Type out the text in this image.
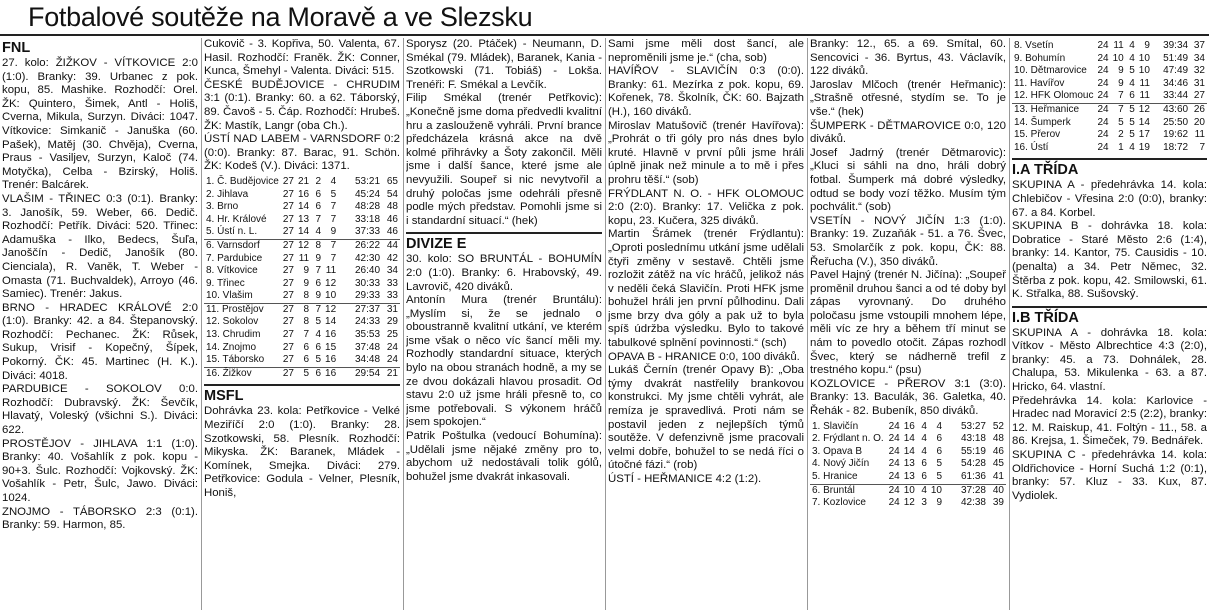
Fotbalové soutěže na Moravě a ve Slezsku
FNL

27. kolo: ŽIŽKOV - VÍTKOVICE 2:0 (1:0). Branky: 39. Urbanec z pok. kopu, 85. Mashike. Rozhodčí: Orel. ŽK: Quintero, Šimek, Antl - Holiš, Cverna, Mikula, Surzyn. Diváci: 1047. Vítkovice: Simkanič - Januška (60. Pašek), Matěj (30. Chvěja), Cverna, Praus - Vasiljev, Surzyn, Kaloč (74. Motyčka), Celba - Bzirský, Holiš. Trenér: Balcárek.

VLAŠIM - TŘINEC 0:3 (0:1). Branky: 3. Janošík, 59. Weber, 66. Dedič. Rozhodčí: Petřík. Diváci: 520. Třinec: Adamuška - Ilko, Bedecs, Šuľa, Janoščín - Dedič, Janošík (80. Cienciala), R. Vaněk, T. Weber - Omasta (71. Buchvaldek), Arroyo (46. Samiec). Trenér: Jakus.

BRNO - HRADEC KRÁLOVÉ 2:0 (1:0). Branky: 42. a 84. Štepanovský. Rozhodčí: Pechanec. ŽK: Růsek, Sukup, Vrisif - Kopečný, Šípek, Pokorný. ČK: 45. Martinec (H. K.). Diváci: 4018.

PARDUBICE - SOKOLOV 0:0. Rozhodčí: Dubravský. ŽK: Ševčík, Hlavatý, Voleský (všichni S.). Diváci: 622.

PROSTĚJOV - JIHLAVA 1:1 (1:0). Branky: 40. Vošahlík z pok. kopu - 90+3. Šulc. Rozhodčí: Vojkovský. ŽK: Vošahlík - Petr, Šulc, Jawo. Diváci: 1024.

ZNOJMO - TÁBORSKO 2:3 (0:1). Branky: 59. Harmon, 85.

Cukovič - 3. Kopřiva, 50. Valenta, 67. Hasil. Rozhodčí: Franěk. ŽK: Conner, Kunca, Šmehyl - Valenta. Diváci: 515.

ČESKÉ BUDĚJOVICE - CHRUDIM 3:1 (0:1). Branky: 60. a 62. Táborský, 89. Čavoš - 5. Čáp. Rozhodčí: Hrubeš. ŽK: Mastík, Langr (oba Ch.).

ÚSTÍ NAD LABEM - VARNSDORF 0:2 (0:0). Branky: 87. Barac, 91. Schön. ŽK: Kodeš (V.). Diváci: 1371.

1. Č. Budějovice	27	21	2	4	53:21	65
2. Jihlava	27	16	6	5	45:24	54
3. Brno	27	14	6	7	48:28	48
4. Hr. Králové	27	13	7	7	33:18	46
5. Ústí n. L.	27	14	4	9	37:33	46
6. Varnsdorf	27	12	8	7	26:22	44
7. Pardubice	27	11	9	7	42:30	42
8. Vítkovice	27	9	7	11	26:40	34
9. Třinec	27	9	6	12	30:33	33
10. Vlašim	27	8	9	10	29:33	33
11. Prostějov	27	8	7	12	27:37	31
12. Sokolov	27	8	5	14	24:33	29
13. Chrudim	27	7	4	16	35:53	25
14. Znojmo	27	6	6	15	37:48	24
15. Táborsko	27	6	5	16	34:48	24
16. Žižkov	27	5	6	16	29:54	21
MSFL

Dohrávka 23. kola: Petřkovice - Velké Meziříčí 2:0 (1:0). Branky: 28. Szotkowski, 58. Plesník. Rozhodčí: Mikyska. ŽK: Baranek, Mládek - Komínek, Smejka. Diváci: 279. Petřkovice: Godula - Velner, Plesník, Honiš,

Sporysz (20. Ptáček) - Neumann, D. Smékal (79. Mládek), Baranek, Kania - Szotkowski (71. Tobiáš) - Lokša. Trenéři: F. Smékal a Levčík.

Filip Smékal (trenér Petřkovic): „Konečně jsme doma předvedli kvalitní hru a zaslouženě vyhráli. První brance předcházela krásná akce na dvě kolmé přihrávky a Šoty zakončil. Měli jsme i další šance, které jsme ale nevyužili. Soupeř si nic nevytvořil a druhý poločas jsme odehráli přesně podle mých představ. Pomohli jsme si i standardní situací.“ (hek)

DIVIZE E

30. kolo: SO BRUNTÁL - BOHUMÍN 2:0 (1:0). Branky: 6. Hrabovský, 49. Lavrovič, 420 diváků.

Antonín Mura (trenér Bruntálu): „Myslím si, že se jednalo o oboustranně kvalitní utkání, ve kterém jsme však o něco víc šancí měli my. Rozhodly standardní situace, kterých bylo na obou stranách hodně, a my se ze dvou dokázali hlavou prosadit. Od stavu 2:0 už jsme hráli přesně to, co jsme potřebovali. S výkonem hráčů jsem spokojen.“

Patrik Poštulka (vedoucí Bohumína): „Udělali jsme nějaké změny pro to, abychom už nedostávali tolik gólů, bohužel jsme dvakrát inkasovali.

Sami jsme měli dost šancí, ale neproměnili jsme je.“ (cha, sob)

HAVÍŘOV - SLAVIČÍN 0:3 (0:0). Branky: 61. Mezírka z pok. kopu, 69. Kořenek, 78. Školník, ČK: 60. Bajzath (H.), 160 diváků.

Miroslav Matušovič (trenér Havířova): „Prohrát o tři góly pro nás dnes bylo kruté. Hlavně v první půli jsme hráli úplně jinak než minule a to mě i přes prohru těší.“ (sob)

FRÝDLANT N. O. - HFK OLOMOUC 2:0 (2:0). Branky: 17. Velička z pok. kopu, 23. Kučera, 325 diváků.

Martin Šrámek (trenér Frýdlantu): „Oproti poslednímu utkání jsme udělali čtyři změny v sestavě. Chtěli jsme rozložit zátěž na víc hráčů, jelikož nás v neděli čeká Slavičín. Proti HFK jsme bohužel hráli jen první půlhodinu. Dali jsme brzy dva góly a pak už to byla spíš údržba výsledku. Bylo to takové tabulkové splnění povinnosti.“ (sch)

OPAVA B - HRANICE 0:0, 100 diváků.

Lukáš Černín (trenér Opavy B): „Oba týmy dvakrát nastřelily brankovou konstrukci. My jsme chtěli vyhrát, ale remíza je spravedlivá. Proti nám se postavil jeden z nejlepších týmů soutěže. V defenzivně jsme pracovali velmi dobře, bohužel to se nedá říci o útočné fázi.“ (rob)

ÚSTÍ - HEŘMANICE 4:2 (1:2).

Branky: 12., 65. a 69. Smítal, 60. Sencovici - 36. Byrtus, 43. Václavík, 122 diváků.

Jaroslav Mlčoch (trenér Heřmanic): „Strašně otřesné, stydím se. To je vše.“ (hek)

ŠUMPERK - DĚTMAROVICE 0:0, 120 diváků.

Josef Jadrný (trenér Dětmarovic): „Kluci si sáhli na dno, hráli dobrý fotbal. Šumperk má dobré výsledky, odtud se body vozí těžko. Musím tým pochválit.“ (sob)

VSETÍN - NOVÝ JIČÍN 1:3 (1:0). Branky: 19. Zuzaňák - 51. a 76. Švec, 53. Smolarčík z pok. kopu, ČK: 88. Řeřucha (V.), 350 diváků.

Pavel Hajný (trenér N. Jičína): „Soupeř proměnil druhou šanci a od té doby byl zápas vyrovnaný. Do druhého poločasu jsme vstoupili mnohem lépe, měli víc ze hry a během tří minut se nám to povedlo otočit. Zápas rozhodl Švec, který se nádherně trefil z trestného kopu.“ (psu)

KOZLOVICE - PŘEROV 3:1 (3:0). Branky: 13. Baculák, 36. Galetka, 40. Řehák - 82. Bubeník, 850 diváků.

1. Slavičín	24	16	4	4	53:27	52
2. Frýdlant n. O.	24	14	4	6	43:18	48
3. Opava B	24	14	4	6	55:19	46
4. Nový Jičín	24	13	6	5	54:28	45
5. Hranice	24	13	6	5	61:36	41
6. Bruntál	24	10	4	10	37:28	40
7. Kozlovice	24	12	3	9	42:38	39
8. Vsetín	24	11	4	9	39:34	37
9. Bohumín	24	10	4	10	51:49	34
10. Dětmarovice	24	9	5	10	47:49	32
11. Havířov	24	9	4	11	34:46	31
12. HFK Olomouc	24	7	6	11	33:44	27
13. Heřmanice	24	7	5	12	43:60	26
14. Šumperk	24	5	5	14	25:50	20
15. Přerov	24	2	5	17	19:62	11
16. Ústí	24	1	4	19	18:72	7
I.A TŘÍDA

SKUPINA A - předehrávka 14. kola: Chlebičov - Vřesina 2:0 (0:0), branky: 67. a 84. Korbel.

SKUPINA B - dohrávka 18. kola: Dobratice - Staré Město 2:6 (1:4), branky: 14. Kantor, 75. Causidis - 10. (penalta) a 34. Petr Němec, 32. Štěrba z pok. kopu, 42. Smilowski, 61. K. Střalka, 88. Sušovský.

I.B TŘÍDA

SKUPINA A - dohrávka 18. kola: Vítkov - Město Albrechtice 4:3 (2:0), branky: 45. a 73. Dohnálek, 28. Chalupa, 53. Mikulenka - 63. a 87. Hricko, 64. vlastní.

Předehrávka 14. kola: Karlovice - Hradec nad Moravicí 2:5 (2:2), branky: 12. M. Raiskup, 41. Foltýn - 11., 58. a 86. Krejsa, 1. Šimeček, 79. Bednářek.

SKUPINA C - předehrávka 14. kola: Oldřichovice - Horní Suchá 1:2 (0:1), branky: 57. Kluz - 33. Kux, 87. Vydiolek.
